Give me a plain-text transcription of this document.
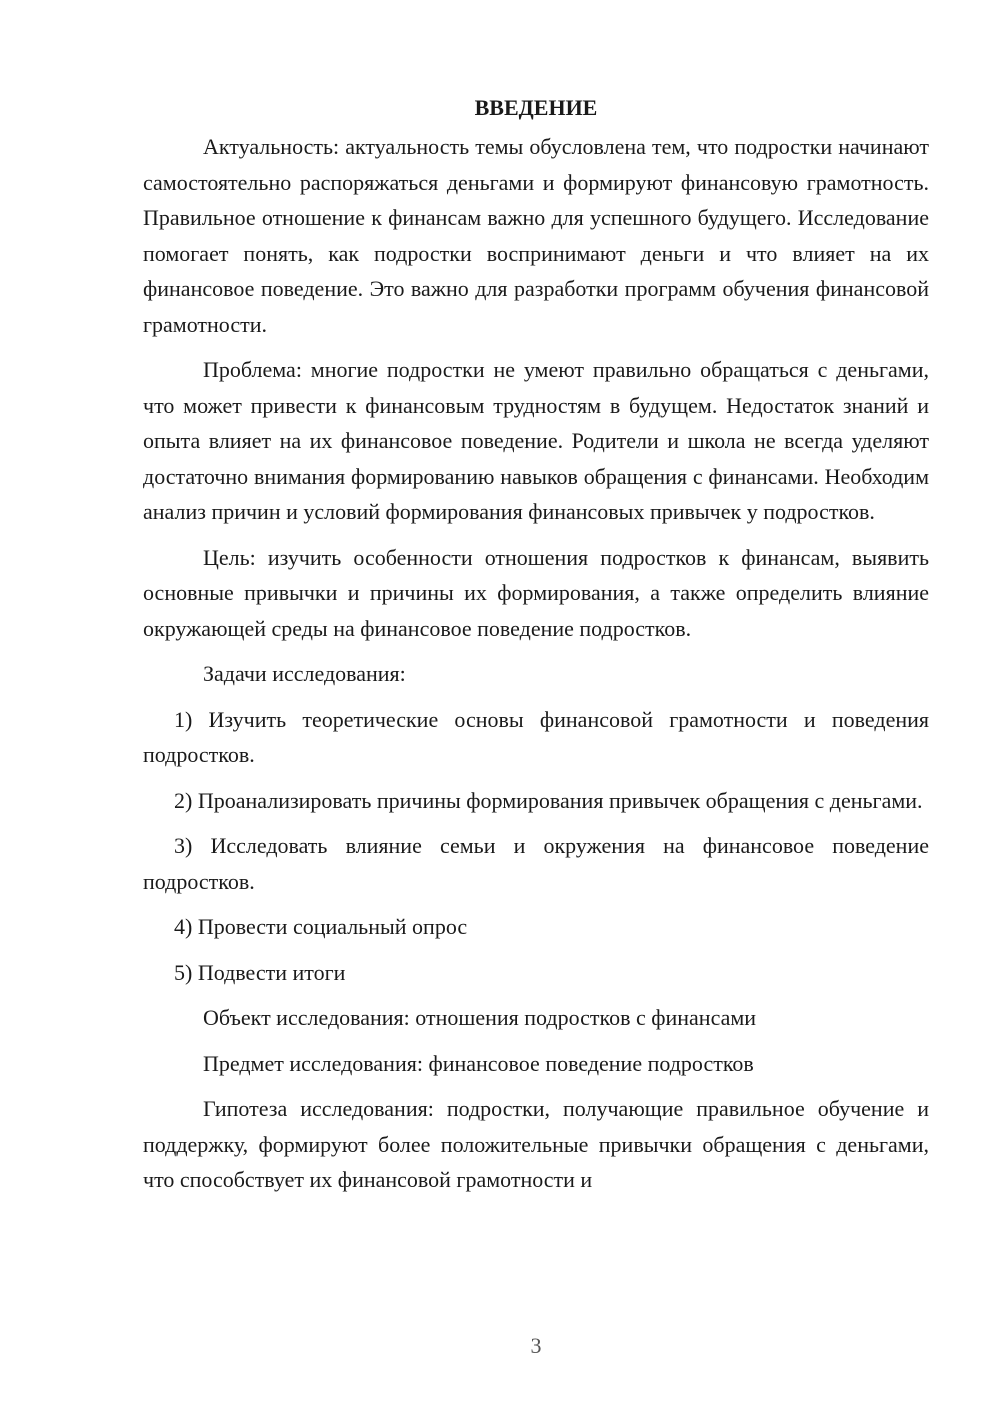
ВВЕДЕНИЕ

Актуальность: актуальность темы обусловлена тем, что подростки начинают самостоятельно распоряжаться деньгами и формируют финансовую грамотность. Правильное отношение к финансам важно для успешного будущего. Исследование помогает понять, как подростки воспринимают деньги и что влияет на их финансовое поведение. Это важно для разработки программ обучения финансовой грамотности.

Проблема: многие подростки не умеют правильно обращаться с деньгами, что может привести к финансовым трудностям в будущем. Недостаток знаний и опыта влияет на их финансовое поведение. Родители и школа не всегда уделяют достаточно внимания формированию навыков обращения с финансами. Необходим анализ причин и условий формирования финансовых привычек у подростков.

Цель: изучить особенности отношения подростков к финансам, выявить основные привычки и причины их формирования, а также определить влияние окружающей среды на финансовое поведение подростков.

Задачи исследования:

1) Изучить теоретические основы финансовой грамотности и поведения подростков.

2) Проанализировать причины формирования привычек обращения с деньгами.

3) Исследовать влияние семьи и окружения на финансовое поведение подростков.

4) Провести социальный опрос

5) Подвести итоги

Объект исследования: отношения подростков с финансами

Предмет исследования: финансовое поведение подростков

Гипотеза исследования: подростки, получающие правильное обучение и поддержку, формируют более положительные привычки обращения с деньгами, что способствует их финансовой грамотности и

3
